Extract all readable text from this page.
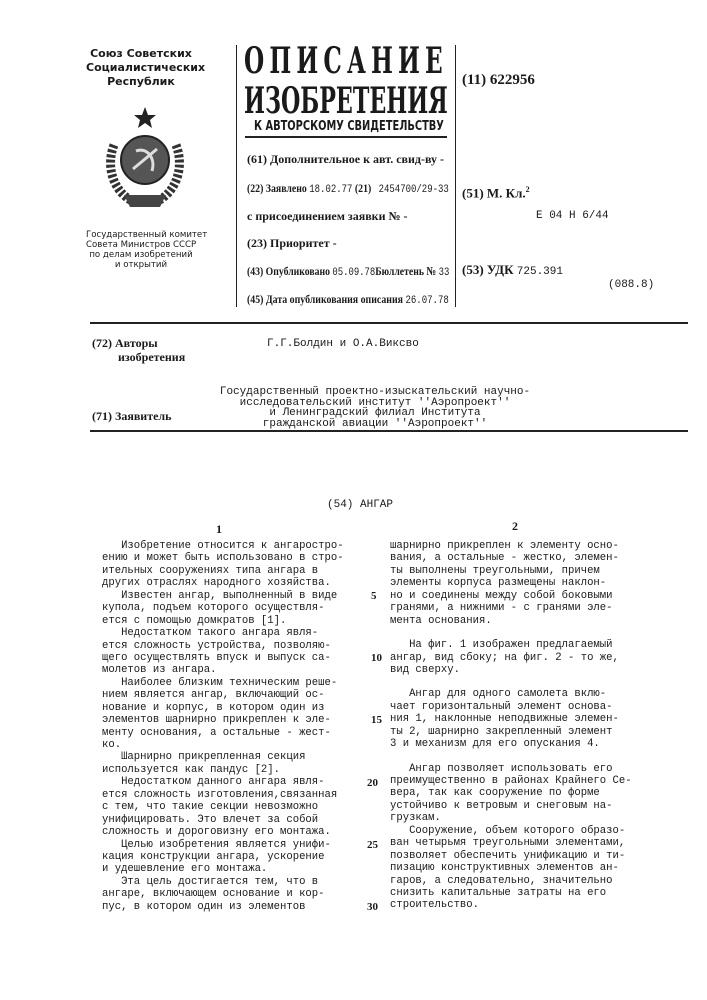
Союз Советских
Социалистических
Республик
Государственный комитет
Совета Министров СССР
по делам изобретений
и открытий
ОПИСАНИЕ
ИЗОБРЕТЕНИЯ
К АВТОРСКОМУ СВИДЕТЕЛЬСТВУ
(61) Дополнительное к авт. свид-ву -
(22) Заявлено 18.02.77 (21) 2454700/29-33
с присоединением заявки № -
(23) Приоритет -
(43) Опубликовано 05.09.78Бюллетень № 33
(45) Дата опубликования описания 26.07.78
(11) 622956
(51) М. Кл.2
E 04 H 6/44
(53) УДК 725.391
(088.8)
(72) Авторы
изобретения
Г.Г.Болдин и О.А.Виксво
(71) Заявитель
Государственный проектно-изыскательский научно-
исследовательский институт ''Аэропроект''
и Ленинградский филиал Института
гражданской авиации ''Аэропроект''
(54) АНГАР
1	2
Изобретение относится к ангарострo-
ению и может быть использовано в стро-
ительных сооружениях типа ангара в
других отраслях народного хозяйства.
Известен ангар, выполненный в виде
купола, подъем которого осуществля-
ется с помощью домкратов [1].
Недостатком такого ангара явля-
ется сложность устройства, позволяю-
щего осуществлять впуск и выпуск са-
молетов из ангара.
Наиболее близким техническим реше-
нием является ангар, включающий ос-
нование и корпус, в котором один из
элементов шарнирно прикреплен к эле-
менту основания, а остальные - жест-
ко.
Шарнирно прикрепленная секция
используется как пандус [2].
Недостатком данного ангара явля-
ется сложность изготовления,связанная
с тем, что такие секции невозможно
унифицировать. Это влечет за собой
сложность и дороговизну его монтажа.
Целью изобретения является унифи-
кация конструкции ангара, ускорение
и удешевление его монтажа.
Эта цель достигается тем, что в
ангаре, включающем основание и кор-
пус, в котором один из элементов
5
10
15
20
25
30
шарнирно прикреплен к элементу осно-
вания, а остальные - жестко, элемен-
ты выполнены треугольными, причем
элементы корпуса размещены наклон-
но и соединены между собой боковыми
гранями, а нижними - с гранями эле-
мента основания.
На фиг. 1 изображен предлагаемый
ангар, вид сбоку; на фиг. 2 - то же,
вид сверху.
Ангар для одного самолета вклю-
чает горизонтальный элемент основа-
ния 1, наклонные неподвижные элемен-
ты 2, шарнирно закрепленный элемент
3 и механизм для его опускания 4.
Ангар позволяет использовать его
преимущественно в районах Крайнего Се-
вера, так как сооружение по форме
устойчиво к ветровым и снеговым на-
грузкам.
Сооружение, объем которого образо-
ван четырьмя треугольными элементами,
позволяет обеспечить унификацию и ти-
пизацию конструктивных элементов ан-
гаров, а следовательно, значительно
снизить капитальные затраты на его
строительство.
